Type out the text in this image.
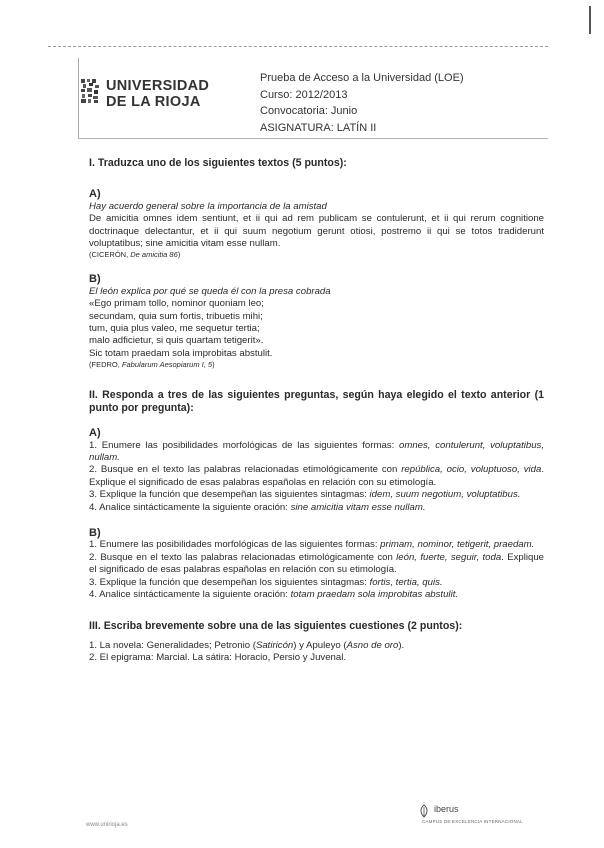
UNIVERSIDAD
DE LA RIOJA
Prueba de Acceso a la Universidad (LOE)
Curso: 2012/2013
Convocatoria: Junio
ASIGNATURA: LATÍN II

I. Traduzca uno de los siguientes textos (5 puntos):

A)

Hay acuerdo general sobre la importancia de la amistad

De amicitia omnes idem sentiunt, et ii qui ad rem publicam se contulerunt, et ii qui rerum cognitione doctrinaque delectantur, et ii qui suum negotium gerunt otiosi, postremo ii qui se totos tradiderunt voluptatibus; sine amicitia vitam esse nullam.

(CICERÓN, De amicitia 86)

B)

El león explica por qué se queda él con la presa cobrada

«Ego primam tollo, nominor quoniam leo;

secundam, quia sum fortis, tribuetis mihi;

tum, quia plus valeo, me sequetur tertia;

malo adficietur, si quis quartam tetigerit».

Sic totam praedam sola improbitas abstulit.

(FEDRO, Fabularum Aesopiarum I, 5)

II. Responda a tres de las siguientes preguntas, según haya elegido el texto anterior (1 punto por pregunta):

A)

1. Enumere las posibilidades morfológicas de las siguientes formas: omnes, contulerunt, voluptatibus, nullam.

2. Busque en el texto las palabras relacionadas etimológicamente con república, ocio, voluptuoso, vida. Explique el significado de esas palabras españolas en relación con su etimología.

3. Explique la función que desempeñan las siguientes sintagmas: idem, suum negotium, voluptatibus.

4. Analice sintácticamente la siguiente oración: sine amicitia vitam esse nullam.

B)

1. Enumere las posibilidades morfológicas de las siguientes formas: primam, nominor, tetigerit, praedam.

2. Busque en el texto las palabras relacionadas etimológicamente con león, fuerte, seguir, toda. Explique el significado de esas palabras españolas en relación con su etimología.

3. Explique la función que desempeñan los siguientes sintagmas: fortis, tertia, quis.

4. Analice sintácticamente la siguiente oración: totam praedam sola improbitas abstulit.

III. Escriba brevemente sobre una de las siguientes cuestiones (2 puntos):

1. La novela: Generalidades; Petronio (Satiricón) y Apuleyo (Asno de oro).

2. El epigrama: Marcial. La sátira: Horacio, Persio y Juvenal.

www.unirioja.es
iberus
CAMPUS DE EXCELENCIA INTERNACIONAL
